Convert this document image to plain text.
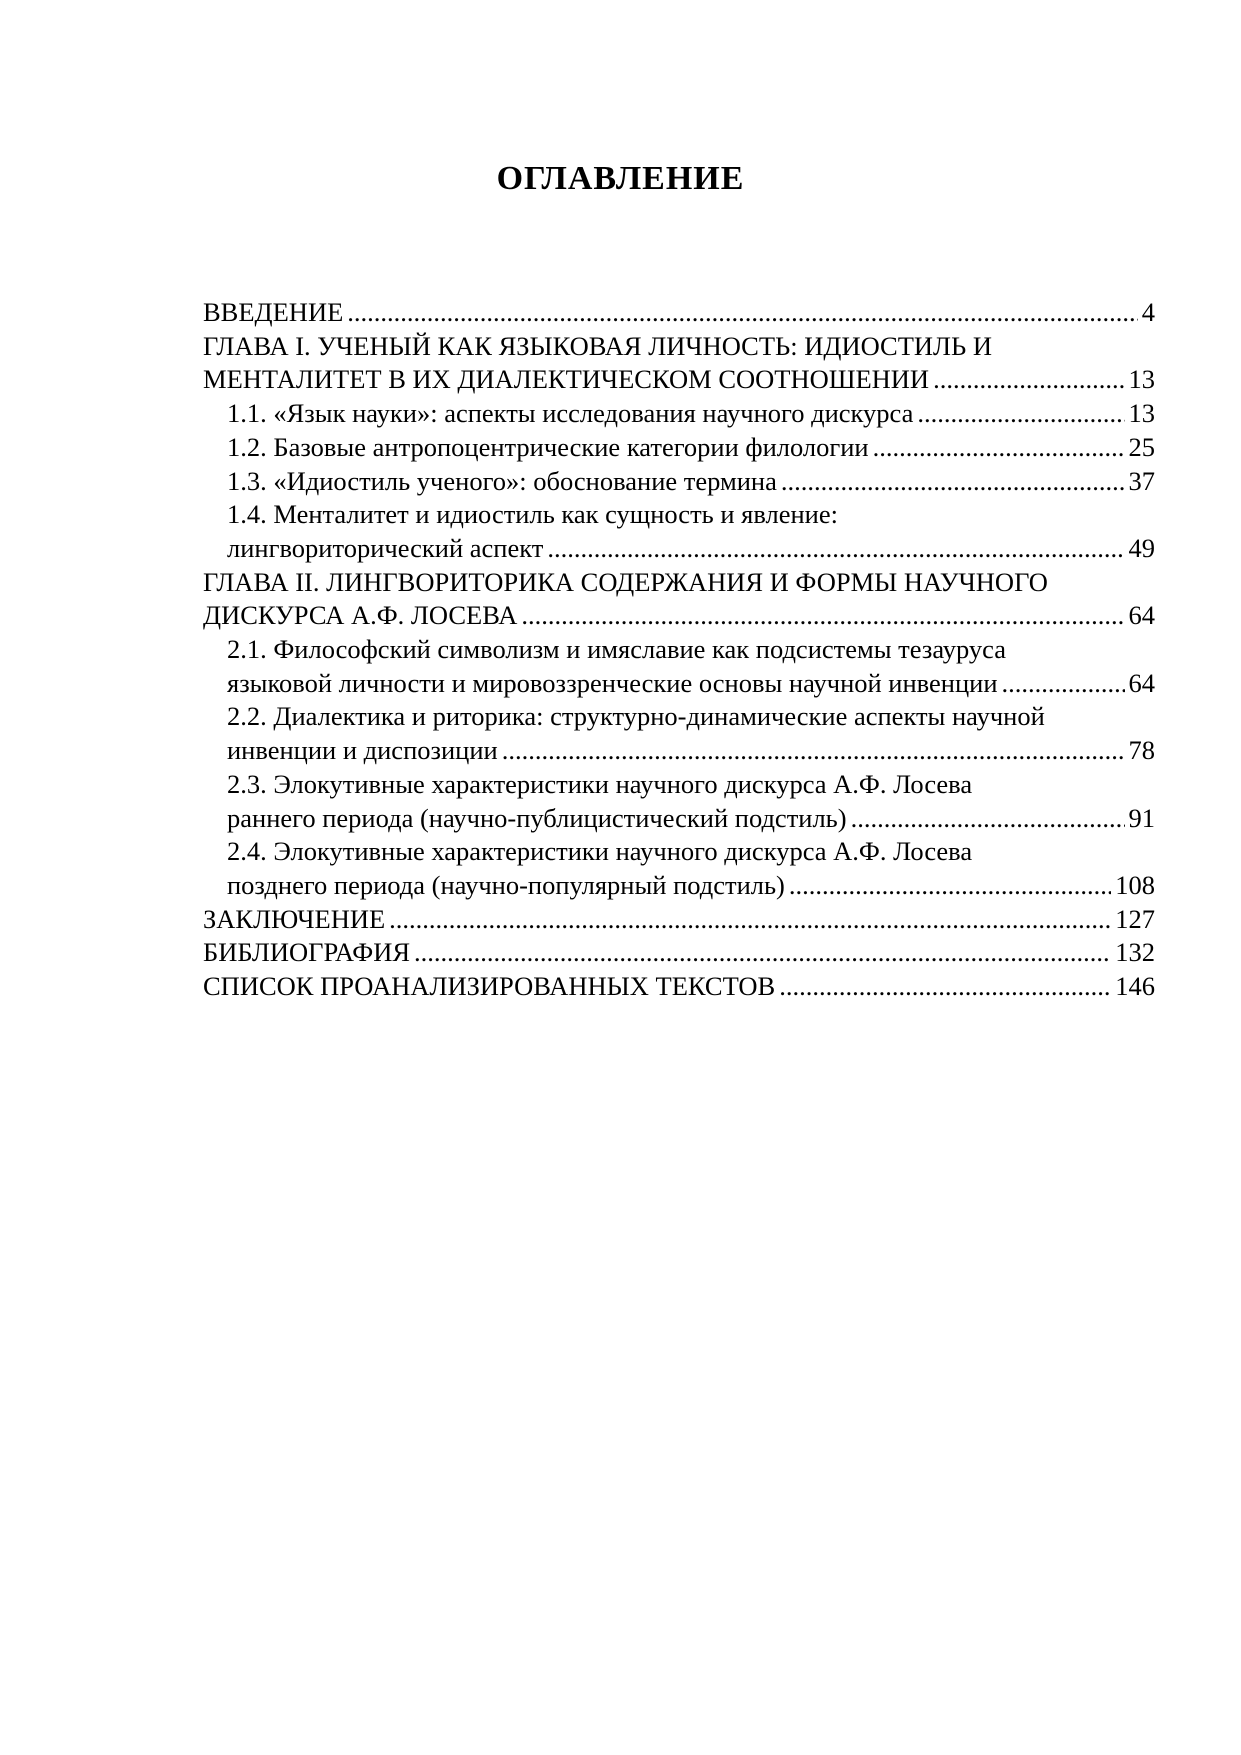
ОГЛАВЛЕНИЕ
ВВЕДЕНИЕ .....	4
ГЛАВА I. УЧЕНЫЙ КАК ЯЗЫКОВАЯ ЛИЧНОСТЬ: ИДИОСТИЛЬ И
МЕНТАЛИТЕТ В ИХ ДИАЛЕКТИЧЕСКОМ СООТНОШЕНИИ .....	13
1.1. «Язык науки»: аспекты исследования научного дискурса .....	13
1.2. Базовые антропоцентрические категории филологии .....	25
1.3. «Идиостиль ученого»: обоснование термина .....	37
1.4. Менталитет и идиостиль как сущность и явление:
лингвориторический аспект .....	49
ГЛАВА II. ЛИНГВОРИТОРИКА СОДЕРЖАНИЯ И ФОРМЫ НАУЧНОГО
ДИСКУРСА А.Ф. ЛОСЕВА .....	64
2.1. Философский символизм и имяславие как подсистемы тезауруса
языковой личности и мировоззренческие основы научной инвенции .....	64
2.2. Диалектика и риторика: структурно-динамические аспекты научной
инвенции и диспозиции .....	78
2.3. Элокутивные характеристики научного дискурса А.Ф. Лосева
раннего периода (научно-публицистический подстиль) .....	91
2.4. Элокутивные характеристики научного дискурса А.Ф. Лосева
позднего периода (научно-популярный подстиль) .....	108
ЗАКЛЮЧЕНИЕ .....	127
БИБЛИОГРАФИЯ .....	132
СПИСОК ПРОАНАЛИЗИРОВАННЫХ ТЕКСТОВ .....	146
